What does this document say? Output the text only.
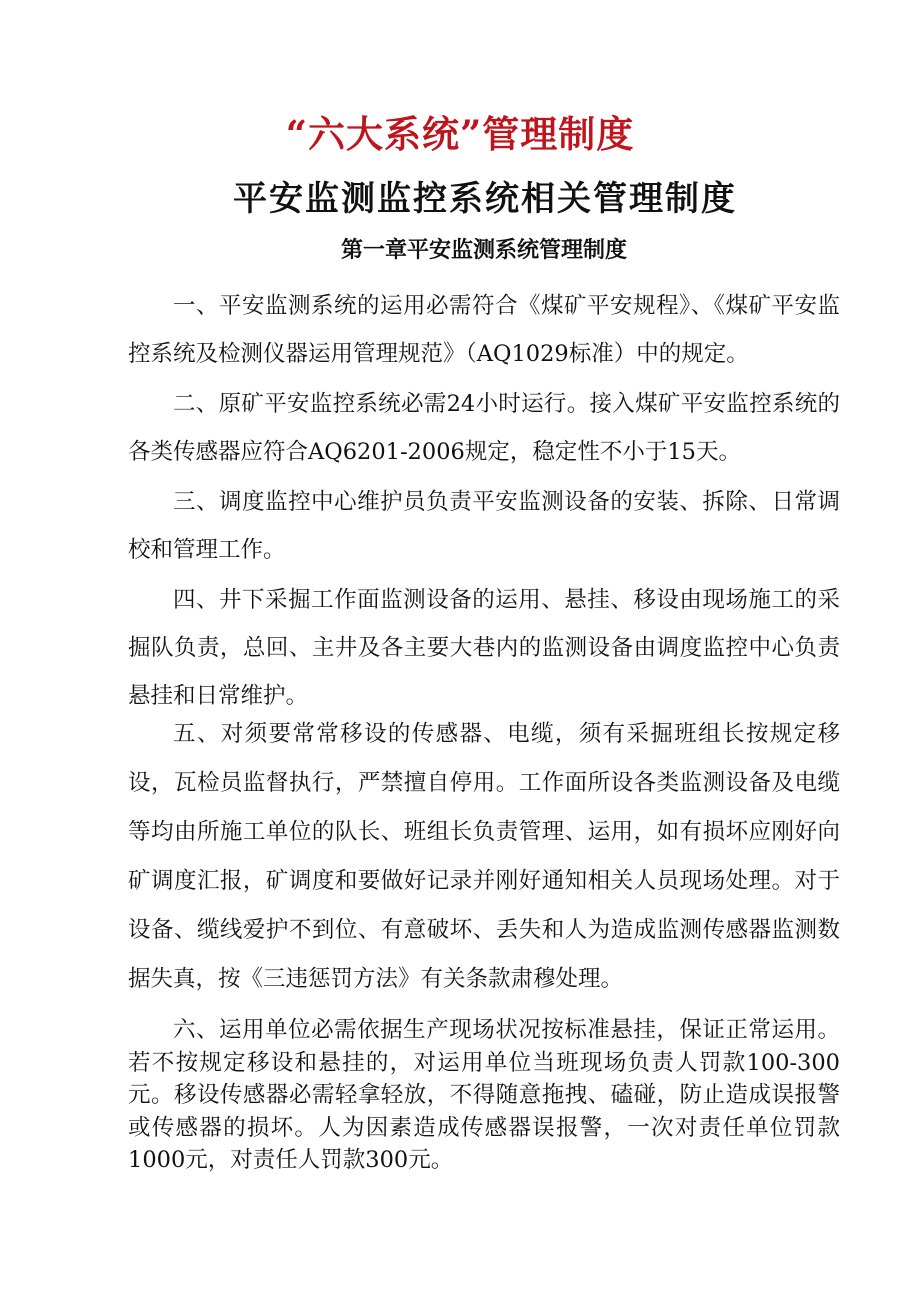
“六大系统”管理制度
平安监测监控系统相关管理制度
第一章平安监测系统管理制度

一、平安监测系统的运用必需符合《煤矿平安规程》、《煤矿平安监控系统及检测仪器运用管理规范》（AQ1029标准）中的规定。

二、原矿平安监控系统必需24小时运行。接入煤矿平安监控系统的各类传感器应符合AQ6201-2006规定，稳定性不小于15天。

三、调度监控中心维护员负责平安监测设备的安装、拆除、日常调校和管理工作。

四、井下采掘工作面监测设备的运用、悬挂、移设由现场施工的采掘队负责，总回、主井及各主要大巷内的监测设备由调度监控中心负责悬挂和日常维护。

五、对须要常常移设的传感器、电缆，须有采掘班组长按规定移设，瓦检员监督执行，严禁擅自停用。工作面所设各类监测设备及电缆等均由所施工单位的队长、班组长负责管理、运用，如有损坏应刚好向矿调度汇报，矿调度和要做好记录并刚好通知相关人员现场处理。对于设备、缆线爱护不到位、有意破坏、丢失和人为造成监测传感器监测数据失真，按《三违惩罚方法》有关条款肃穆处理。

六、运用单位必需依据生产现场状况按标准悬挂，保证正常运用。若不按规定移设和悬挂的，对运用单位当班现场负责人罚款100-300元。移设传感器必需轻拿轻放，不得随意拖拽、磕碰，防止造成误报警或传感器的损坏。人为因素造成传感器误报警，一次对责任单位罚款1000元，对责任人罚款300元。
